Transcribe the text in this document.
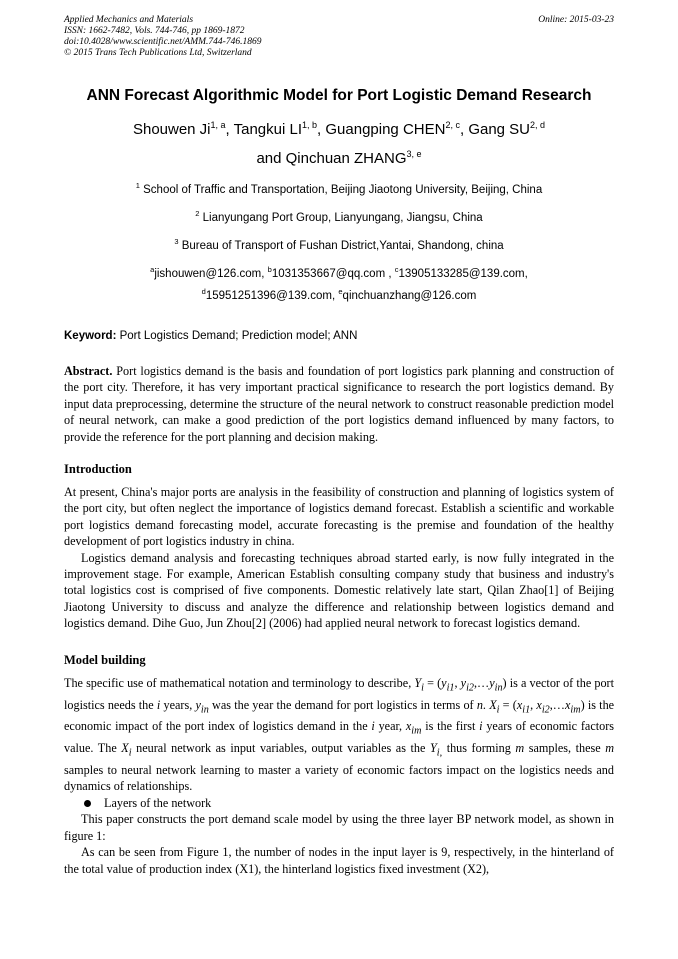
Applied Mechanics and Materials
ISSN: 1662-7482, Vols. 744-746, pp 1869-1872
doi:10.4028/www.scientific.net/AMM.744-746.1869
© 2015 Trans Tech Publications Ltd, Switzerland
Online: 2015-03-23
ANN Forecast Algorithmic Model for Port Logistic Demand Research
Shouwen Ji$^{1, a}$, Tangkui LI$^{1, b}$, Guangping CHEN$^{2, c}$, Gang SU$^{2, d}$
and Qinchuan ZHANG$^{3, e}$
$^1$ School of Traffic and Transportation, Beijing Jiaotong University, Beijing, China
$^2$ Lianyungang Port Group, Lianyungang, Jiangsu, China
$^3$ Bureau of Transport of Fushan District,Yantai, Shandong, china
$^a$jishouwen@126.com, $^b$1031353667@qq.com , $^c$13905133285@139.com,
$^d$15951251396@139.com, $^e$qinchuanzhang@126.com
Keyword: Port Logistics Demand; Prediction model; ANN
Abstract. Port logistics demand is the basis and foundation of port logistics park planning and construction of the port city. Therefore, it has very important practical significance to research the port logistics demand. By input data preprocessing, determine the structure of the neural network to construct reasonable prediction model of neural network, can make a good prediction of the port logistics demand influenced by many factors, to provide the reference for the port planning and decision making.
Introduction

At present, China's major ports are analysis in the feasibility of construction and planning of logistics system of the port city, but often neglect the importance of logistics demand forecast. Establish a scientific and workable port logistics demand forecasting model, accurate forecasting is the premise and foundation of the healthy development of port logistics industry in china.

Logistics demand analysis and forecasting techniques abroad started early, is now fully integrated in the improvement stage. For example, American Establish consulting company study that business and industry's total logistics cost is comprised of five components. Domestic relatively late start, Qilan Zhao[1] of Beijing Jiaotong University to discuss and analyze the difference and relationship between logistics demand and logistics demand. Dihe Guo, Jun Zhou[2] (2006) had applied neural network to forecast logistics demand.

Model building

The specific use of mathematical notation and terminology to describe, $Y_i = (y_{i1}$, $y_{i2},\dots y_{in}$) is a vector of the port logistics needs the i years, $y_{in}$ was the year the demand for port logistics in terms of n. $X_i = (x_{i1}$, $x_{i2},\dots x_{im}$) is the economic impact of the port index of logistics demand in the i year, $x_{im}$ is the first i years of economic factors value. The $X_i$ neural network as input variables, output variables as the $Y_{i,}$ thus forming m samples, these m samples to neural network learning to master a variety of economic factors impact on the logistics needs and dynamics of relationships.

Layers of the network

This paper constructs the port demand scale model by using the three layer BP network model, as shown in figure 1:

As can be seen from Figure 1, the number of nodes in the input layer is 9, respectively, in the hinterland of the total value of production index (X1), the hinterland logistics fixed investment (X2),
